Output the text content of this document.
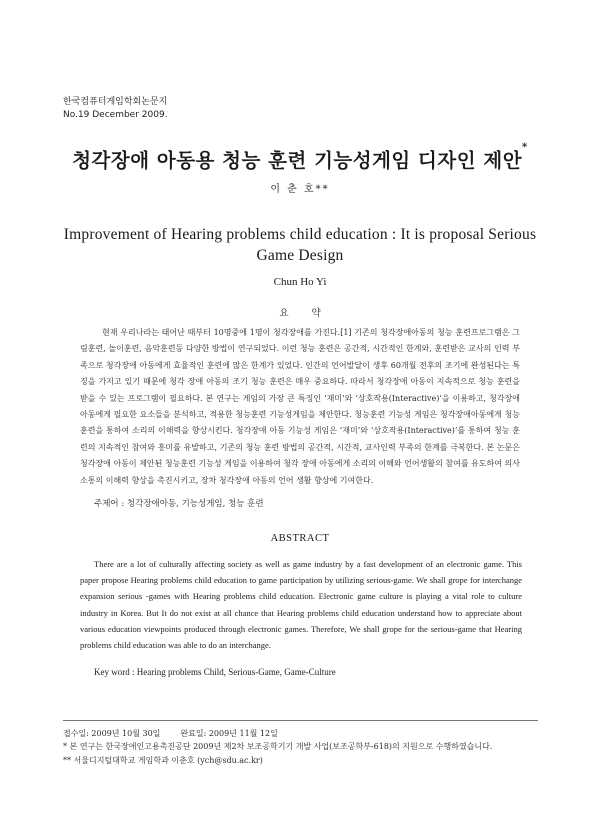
한국컴퓨터게임학회논문지
No.19 December 2009.
청각장애 아동용 청능 훈련 기능성게임 디자인 제안*
이 춘 호**
Improvement of Hearing problems child education : It is proposal Serious Game Design
Chun Ho Yi
요 약
현재 우리나라는 태어난 때부터 10명중에 1명이 청각장애를 가진다.[1] 기존의 청각장애아동의 청능 훈련프로그램은 그림훈련, 놀이훈련, 음악훈련등 다양한 방법이 연구되었다. 이런 청능 훈련은 공간적, 시간적인 한계와, 훈련받은 교사의 인력 부족으로 청각장애 아동에게 효율적인 훈련에 많은 한계가 있었다. 인간의 언어발달이 생후 60개월 전후의 조기에 완성된다는 특징을 가지고 있기 때문에 청각 장애 아동의 조기 청능 훈련은 매우 중요하다. 따라서 청각장애 아동이 지속적으로 청능 훈련을 받을 수 있는 프로그램이 필요하다. 본 연구는 게임의 가장 큰 특징인 ‘재미’와 ‘상호작용(Interactive)’을 이용하고, 청각장애아동에게 필요한 요소들을 분석하고, 적용한 청능훈련 기능성게임을 제안한다. 청능훈련 기능성 게임은 청각장애아동에게 청능 훈련을 통하여 소리의 이해력을 향상시킨다. 청각장애 아동 기능성 게임은 ‘재미’와 ‘상호작용(Interactive)’를 통하여 청능 훈련의 지속적인 참여와 흥미를 유발하고, 기존의 청능 훈련 방법의 공간적, 시간적, 교사인력 부족의 한계를 극복한다. 본 논문은 청각장애 아동이 제안된 청능훈련 기능성 게임을 이용하여 청각 장애 아동에게 소리의 이해와 언어생활의 참여를 유도하여 의사소통의 이해력 향상을 촉진시키고, 장차 청각장애 아동의 언어 생활 향상에 기여한다.
주제어 : 청각장애아동, 기능성게임, 청능 훈련
ABSTRACT
There are a lot of culturally affecting society as well as game industry by a fast development of an electronic game. This paper propose Hearing problems child education to game participation by utilizing serious-game. We shall grope for interchange expansion serious -games with Hearing problems child education. Electronic game culture is playing a vital role to culture industry in Korea. But It do not exist at all chance that Hearing problems child education understand how to appreciate about various education viewpoints produced through electronic games. Therefore, We shall grope for the serious-game that Hearing problems child education was able to do an interchange.
Key word : Hearing problems Child, Serious-Game, Game-Culture
접수일: 2009년 10월 30일	완료일: 2009년 11월 12일
* 본 연구는 한국장애인고용촉진공단 2009년 제2차 보조공학기기 개발 사업(보조공학부-618)의 지원으로 수행하였습니다.
** 서울디지털대학교 게임학과 이춘호 (ych@sdu.ac.kr)
